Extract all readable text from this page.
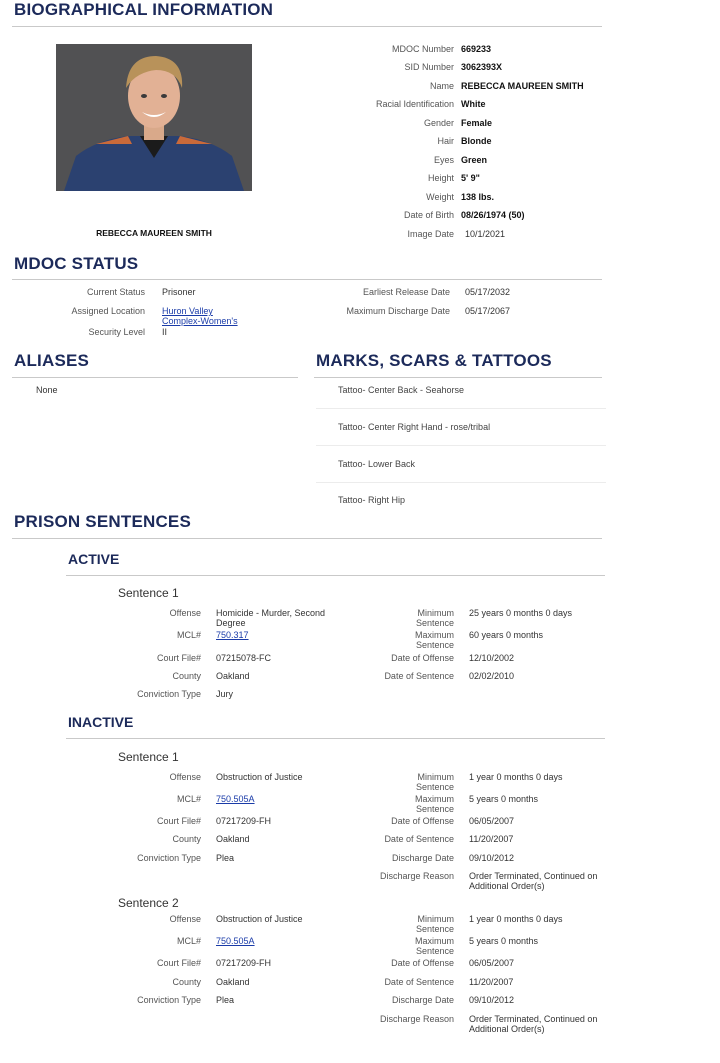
BIOGRAPHICAL INFORMATION
REBECCA MAUREEN SMITH
MDOC Number 669233
SID Number 3062393X
Name REBECCA MAUREEN SMITH
Racial Identification White
Gender Female
Hair Blonde
Eyes Green
Height 5' 9"
Weight 138 lbs.
Date of Birth 08/26/1974 (50)
Image Date 10/1/2021
MDOC STATUS
Current Status Prisoner
Assigned Location Huron Valley Complex-Women's
Security Level II
Earliest Release Date 05/17/2032
Maximum Discharge Date 05/17/2067
ALIASES
None
MARKS, SCARS & TATTOOS
Tattoo- Center Back - Seahorse
Tattoo- Center Right Hand - rose/tribal
Tattoo- Lower Back
Tattoo- Right Hip
PRISON SENTENCES
ACTIVE
Sentence 1
Offense Homicide - Murder, Second Degree
MCL# 750.317
Court File# 07215078-FC
County Oakland
Conviction Type Jury
Minimum Sentence
25 years 0 months 0 days
Maximum Sentence
60 years 0 months
Date of Offense 12/10/2002
Date of Sentence 02/02/2010
INACTIVE
Sentence 1
Offense Obstruction of Justice
MCL# 750.505A
Court File# 07217209-FH
County Oakland
Conviction Type Plea
Minimum Sentence
1 year 0 months 0 days
Maximum Sentence
5 years 0 months
Date of Offense 06/05/2007
Date of Sentence 11/20/2007
Discharge Date 09/10/2012
Discharge Reason Order Terminated, Continued on Additional Order(s)
Sentence 2
Offense Obstruction of Justice
MCL# 750.505A
Court File# 07217209-FH
County Oakland
Conviction Type Plea
Minimum Sentence
1 year 0 months 0 days
Maximum Sentence
5 years 0 months
Date of Offense 06/05/2007
Date of Sentence 11/20/2007
Discharge Date 09/10/2012
Discharge Reason Order Terminated, Continued on Additional Order(s)
